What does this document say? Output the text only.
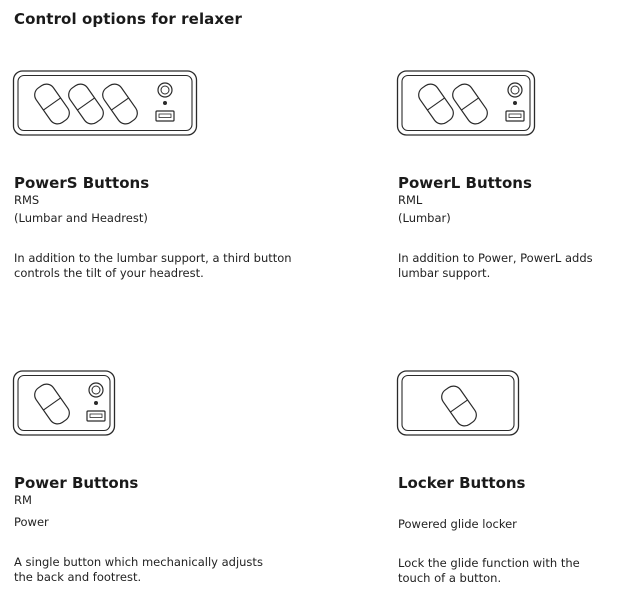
Control options for relaxer
PowerS Buttons
RMS
(Lumbar and Headrest)
In addition to the lumbar support, a third button controls the tilt of your headrest.
PowerL Buttons
RML
(Lumbar)
In addition to Power, PowerL adds lumbar support.
Power Buttons
RM
Power
A single button which mechanically adjusts the back and footrest.
Locker Buttons
Powered glide locker
Lock the glide function with the touch of a button.
